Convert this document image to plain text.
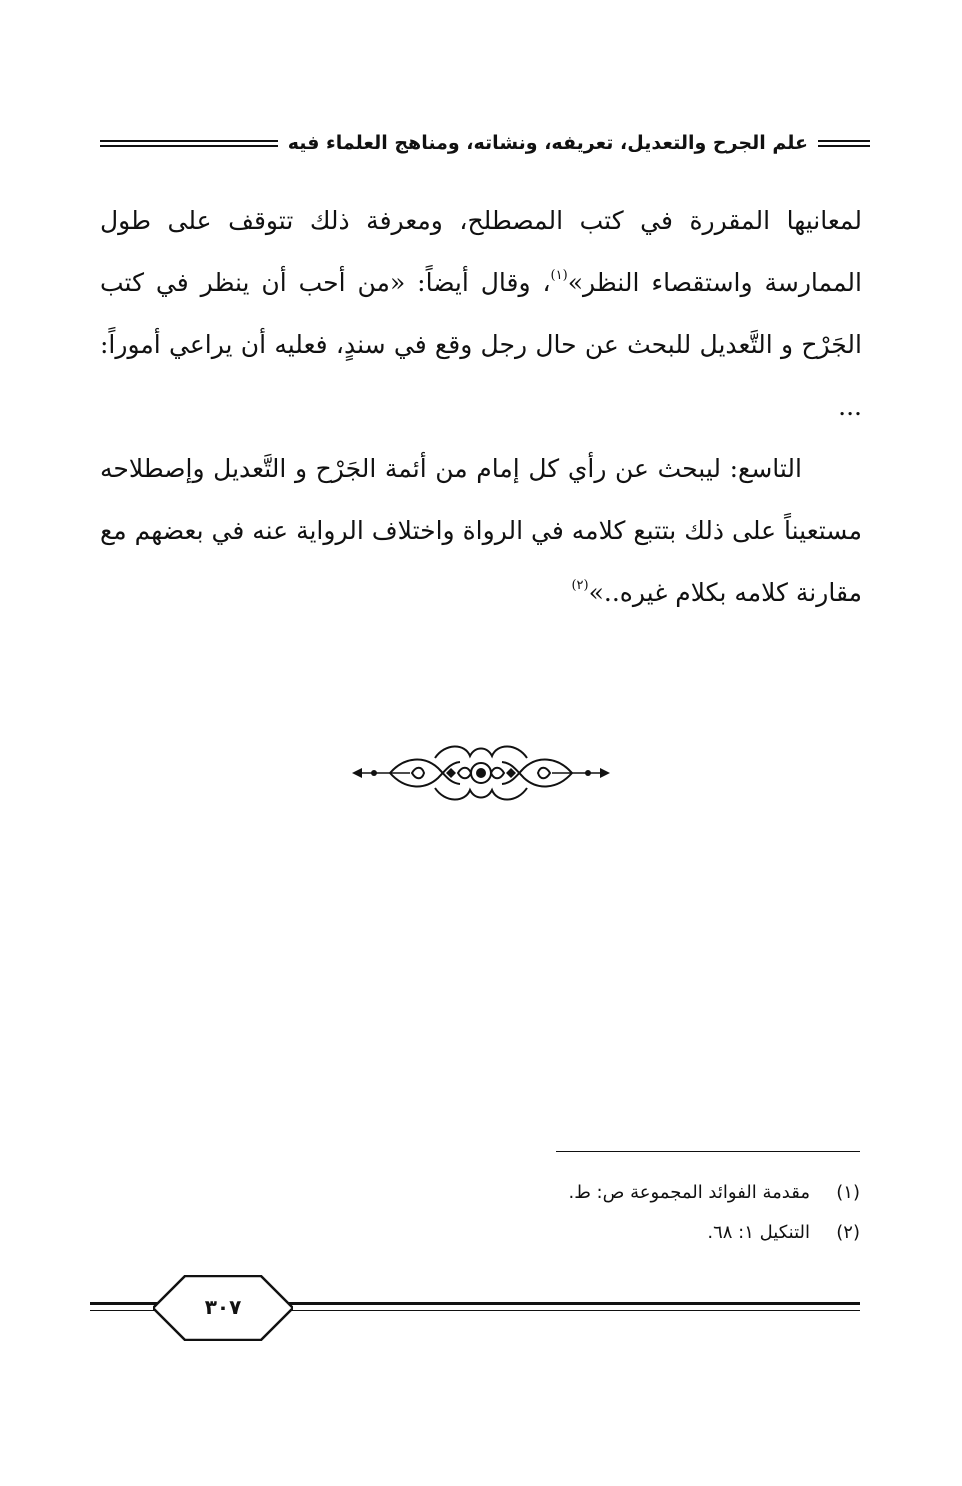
علم الجرح والتعديل، تعريفه، ونشاته، ومناهج العلماء فيه

لمعانيها المقررة في كتب المصطلح، ومعرفة ذلك تتوقف على طول الممارسة واستقصاء النظر»$^{(١)}$، وقال أيضاً: «من أحب أن ينظر في كتب الجَرْح و التَّعديل للبحث عن حال رجل وقع في سندٍ، فعليه أن يراعي أموراً: ...

التاسع: ليبحث عن رأي كل إمام من أئمة الجَرْح و التَّعديل وإصطلاحه مستعيناً على ذلك بتتبع كلامه في الرواة واختلاف الرواية عنه في بعضهم مع مقارنة كلامه بكلام غيره..»$^{(٢)}$

(١)
مقدمة الفوائد المجموعة ص: ط.
(٢)
التنكيل ١: ٦٨.
٣٠٧
